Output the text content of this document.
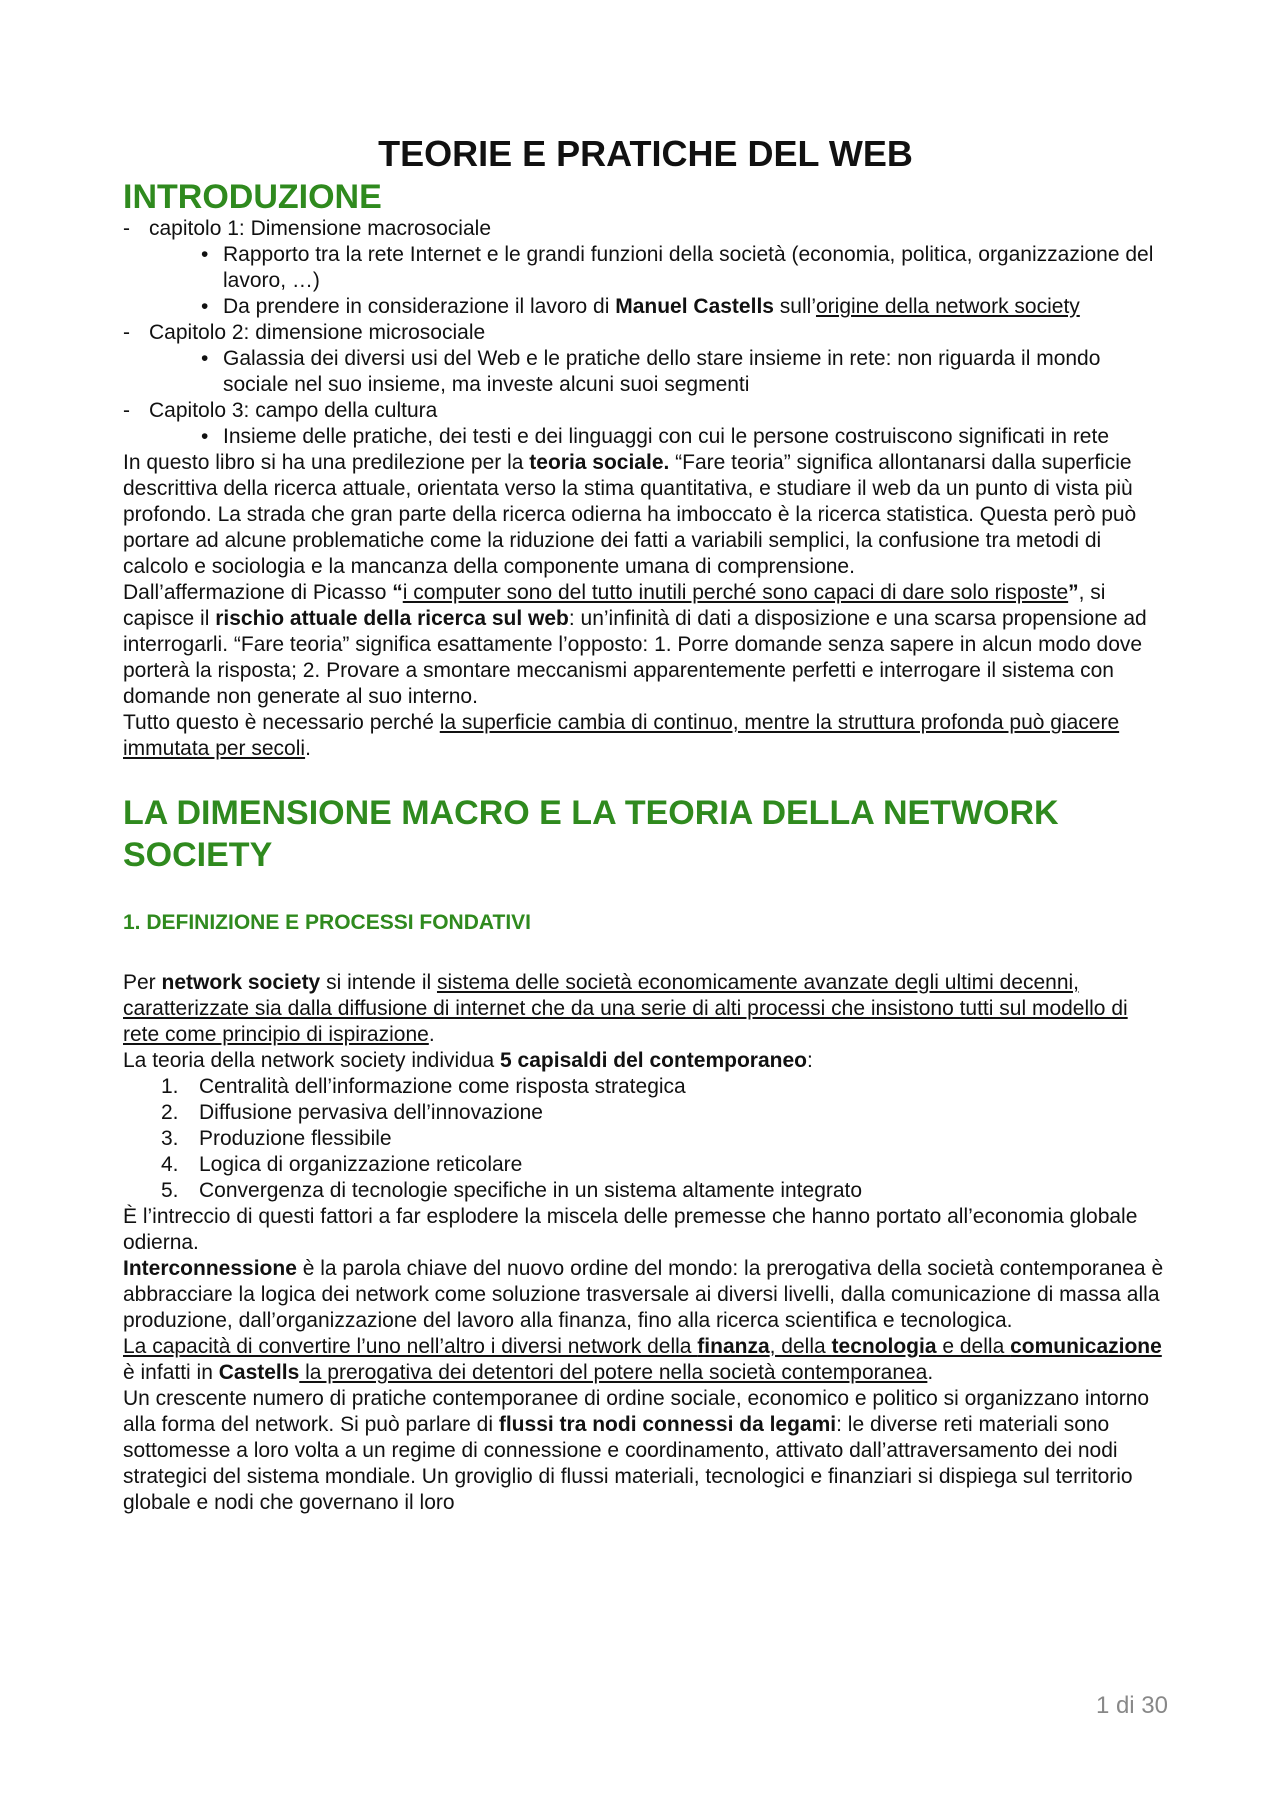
TEORIE E PRATICHE DEL WEB
INTRODUZIONE
- capitolo 1: Dimensione macrosociale
• Rapporto tra la rete Internet e le grandi funzioni della società (economia, politica, organizzazione del lavoro, …)
• Da prendere in considerazione il lavoro di Manuel Castells sull’origine della network society
- Capitolo 2: dimensione microsociale
• Galassia dei diversi usi del Web e le pratiche dello stare insieme in rete: non riguarda il mondo sociale nel suo insieme, ma investe alcuni suoi segmenti
- Capitolo 3: campo della cultura
• Insieme delle pratiche, dei testi e dei linguaggi con cui le persone costruiscono significati in rete

In questo libro si ha una predilezione per la teoria sociale. “Fare teoria” significa allontanarsi dalla superficie descrittiva della ricerca attuale, orientata verso la stima quantitativa, e studiare il web da un punto di vista più profondo. La strada che gran parte della ricerca odierna ha imboccato è la ricerca statistica. Questa però può portare ad alcune problematiche come la riduzione dei fatti a variabili semplici, la confusione tra metodi di calcolo e sociologia e la mancanza della componente umana di comprensione.

Dall’affermazione di Picasso “i computer sono del tutto inutili perché sono capaci di dare solo risposte”, si capisce il rischio attuale della ricerca sul web: un’infinità di dati a disposizione e una scarsa propensione ad interrogarli. “Fare teoria” significa esattamente l’opposto: 1. Porre domande senza sapere in alcun modo dove porterà la risposta; 2. Provare a smontare meccanismi apparentemente perfetti e interrogare il sistema con domande non generate al suo interno.

Tutto questo è necessario perché la superficie cambia di continuo, mentre la struttura profonda può giacere immutata per secoli.

LA DIMENSIONE MACRO E LA TEORIA DELLA NETWORK SOCIETY
1. DEFINIZIONE E PROCESSI FONDATIVI

Per network society si intende il sistema delle società economicamente avanzate degli ultimi decenni, caratterizzate sia dalla diffusione di internet che da una serie di alti processi che insistono tutti sul modello di rete come principio di ispirazione.

La teoria della network society individua 5 capisaldi del contemporaneo:

1. Centralità dell’informazione come risposta strategica
2. Diffusione pervasiva dell’innovazione
3. Produzione flessibile
4. Logica di organizzazione reticolare
5. Convergenza di tecnologie specifiche in un sistema altamente integrato

È l’intreccio di questi fattori a far esplodere la miscela delle premesse che hanno portato all’economia globale odierna.

Interconnessione è la parola chiave del nuovo ordine del mondo: la prerogativa della società contemporanea è abbracciare la logica dei network come soluzione trasversale ai diversi livelli, dalla comunicazione di massa alla produzione, dall’organizzazione del lavoro alla finanza, fino alla ricerca scientifica e tecnologica.

La capacità di convertire l’uno nell’altro i diversi network della finanza, della tecnologia e della comunicazione è infatti in Castells la prerogativa dei detentori del potere nella società contemporanea.

Un crescente numero di pratiche contemporanee di ordine sociale, economico e politico si organizzano intorno alla forma del network. Si può parlare di flussi tra nodi connessi da legami: le diverse reti materiali sono sottomesse a loro volta a un regime di connessione e coordinamento, attivato dall’attraversamento dei nodi strategici del sistema mondiale. Un groviglio di flussi materiali, tecnologici e finanziari si dispiega sul territorio globale e nodi che governano il loro

1 di 30
